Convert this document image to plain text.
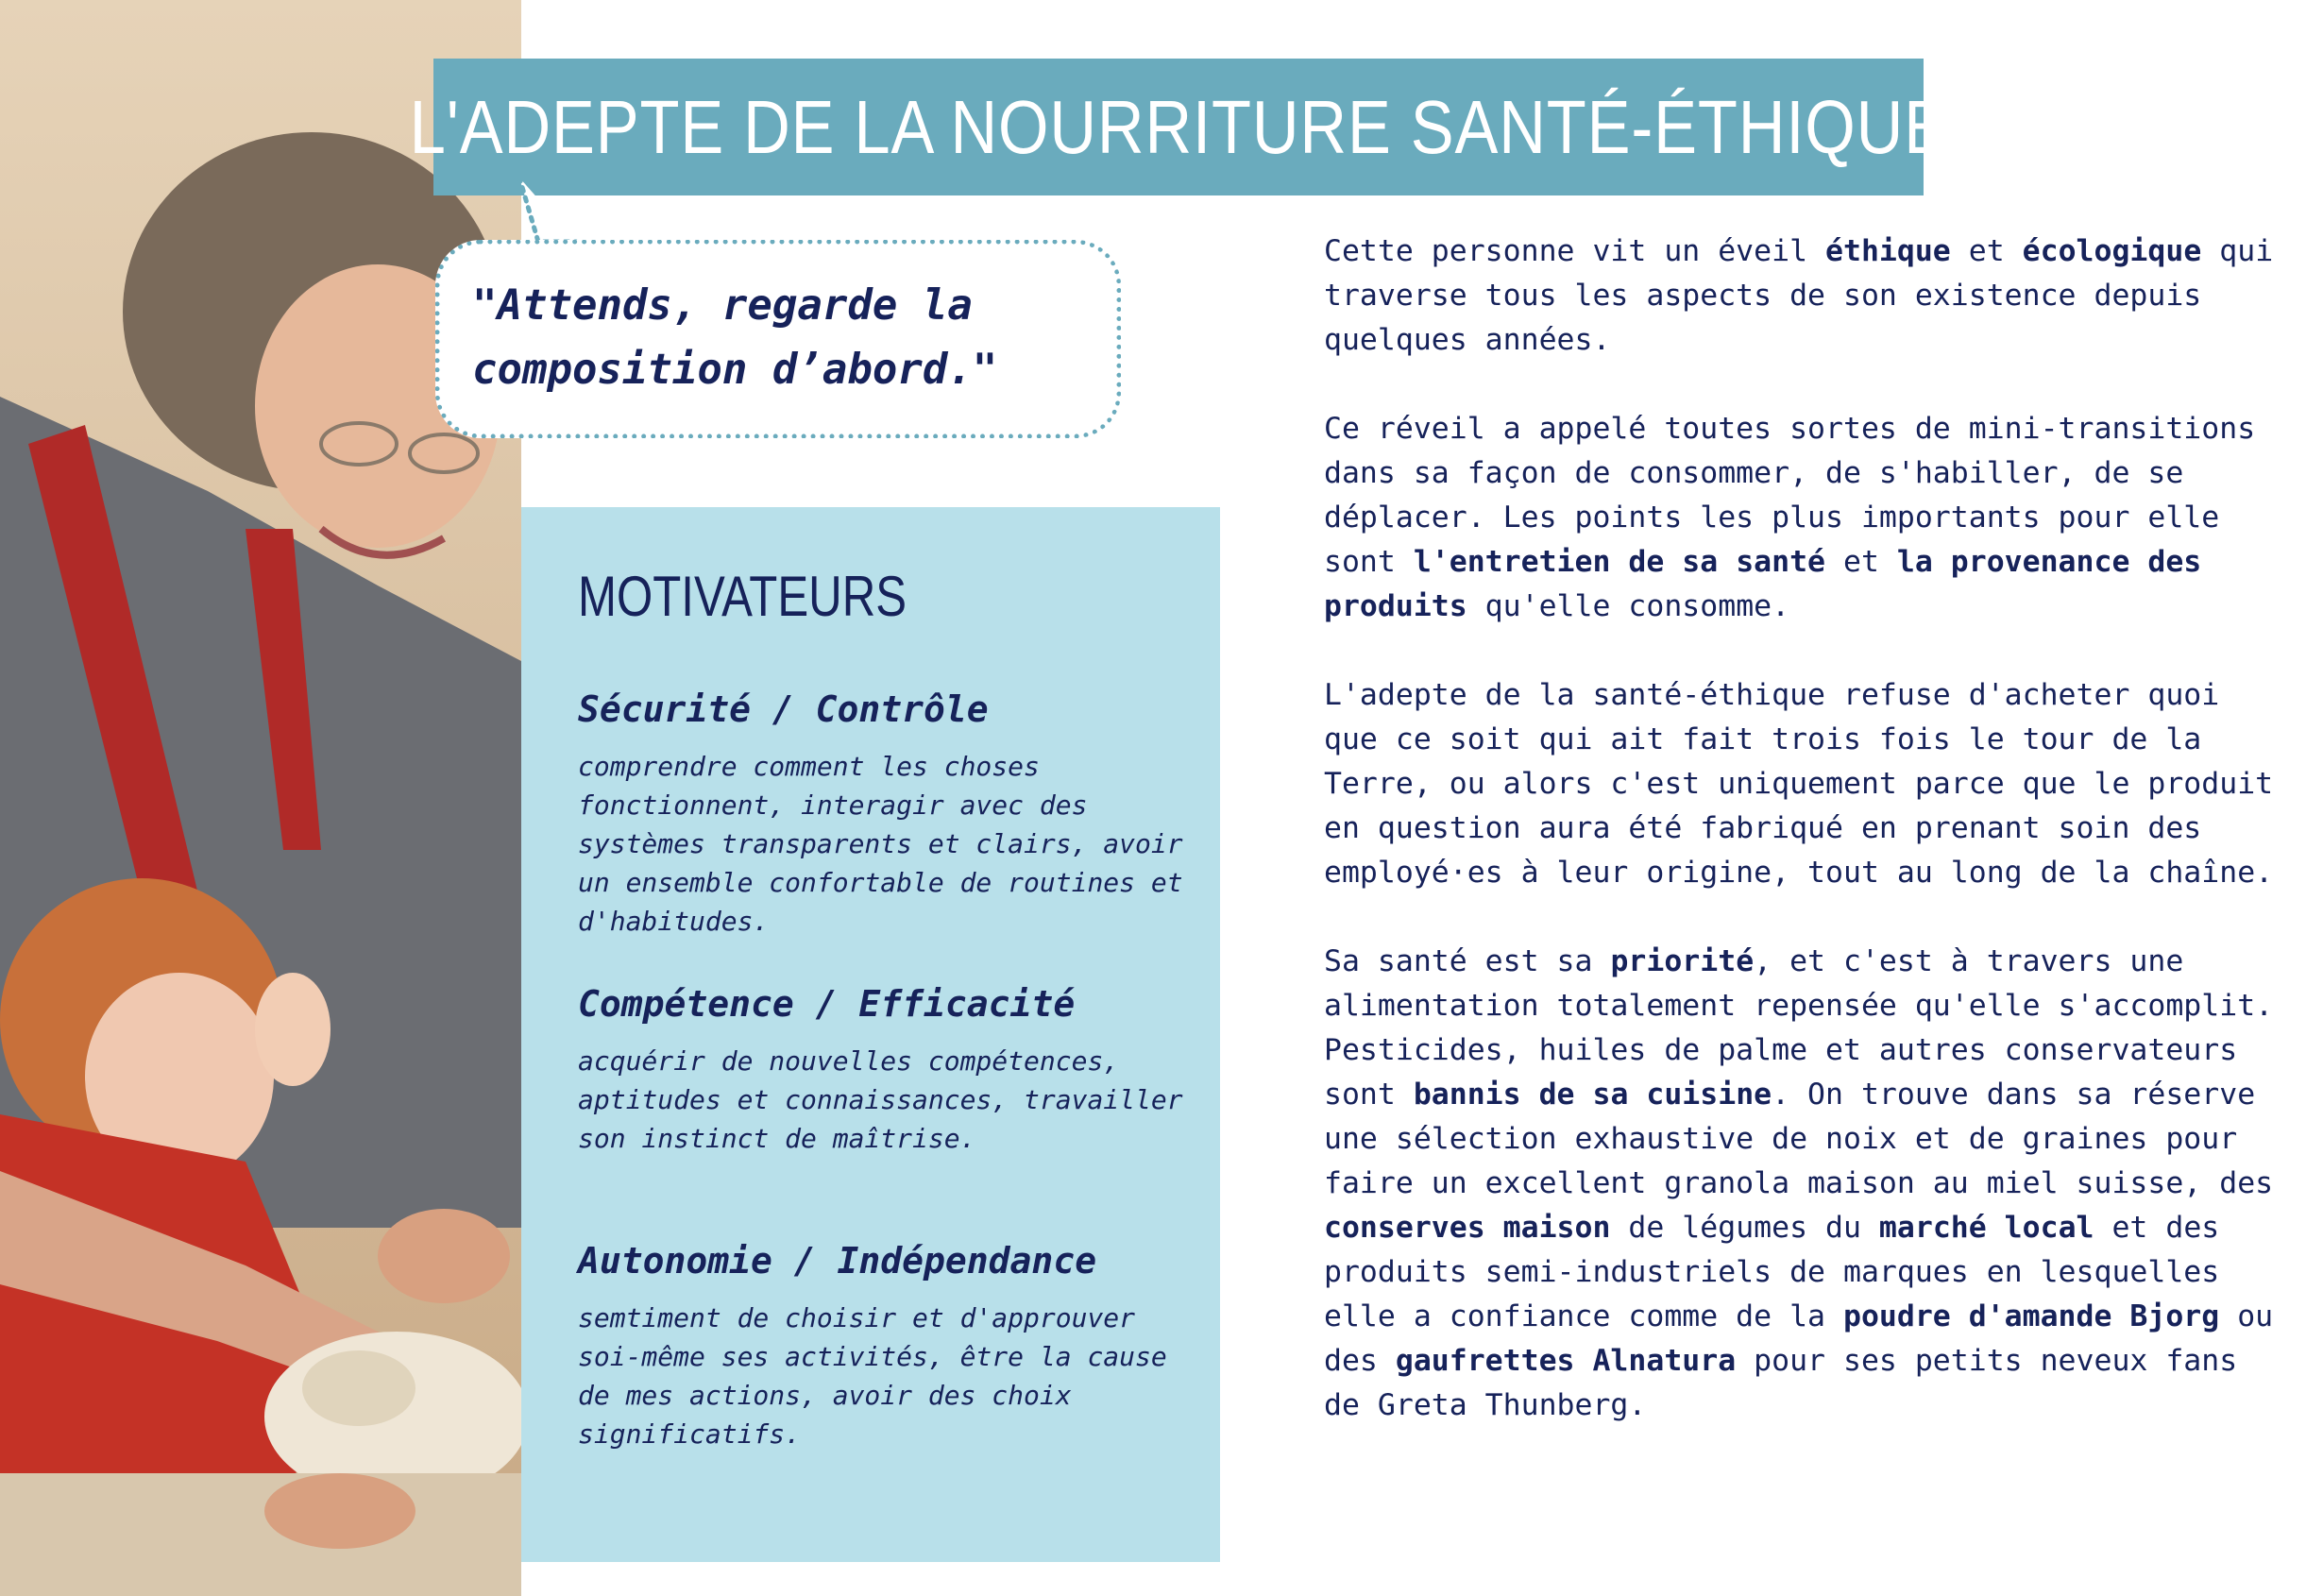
L'ADEPTE DE LA NOURRITURE SANTÉ-ÉTHIQUE
"Attends, regarde la composition d’abord."
MOTIVATEURS
Sécurité / Contrôle
comprendre comment les choses fonctionnent, interagir avec des systèmes transparents et clairs, avoir un ensemble confortable de routines et d'habitudes.
Compétence / Efficacité
acquérir de nouvelles compétences, aptitudes et connaissances, travailler son instinct de maîtrise.
Autonomie / Indépendance
semtiment de choisir et d'approuver soi-même ses activités, être la cause de mes actions, avoir des choix significatifs.

Cette personne vit un éveil éthique et écologique qui traverse tous les aspects de son existence depuis quelques années.

Ce réveil a appelé toutes sortes de mini-transitions dans sa façon de consommer, de s'habiller, de se déplacer. Les points les plus importants pour elle sont l'entretien de sa santé et la provenance des produits qu'elle consomme.

L'adepte de la santé-éthique refuse d'acheter quoi que ce soit qui ait fait trois fois le tour de la Terre, ou alors c'est uniquement parce que le produit en question aura été fabriqué en prenant soin des employé·es à leur origine, tout au long de la chaîne.

Sa santé est sa priorité, et c'est à travers une alimentation totalement repensée qu'elle s'accomplit. Pesticides, huiles de palme et autres conservateurs sont bannis de sa cuisine. On trouve dans sa réserve une sélection exhaustive de noix et de graines pour faire un excellent granola maison au miel suisse, des conserves maison de légumes du marché local et des produits semi-industriels de marques en lesquelles elle a confiance comme de la poudre d'amande Bjorg ou des gaufrettes Alnatura pour ses petits neveux fans de Greta Thunberg.
